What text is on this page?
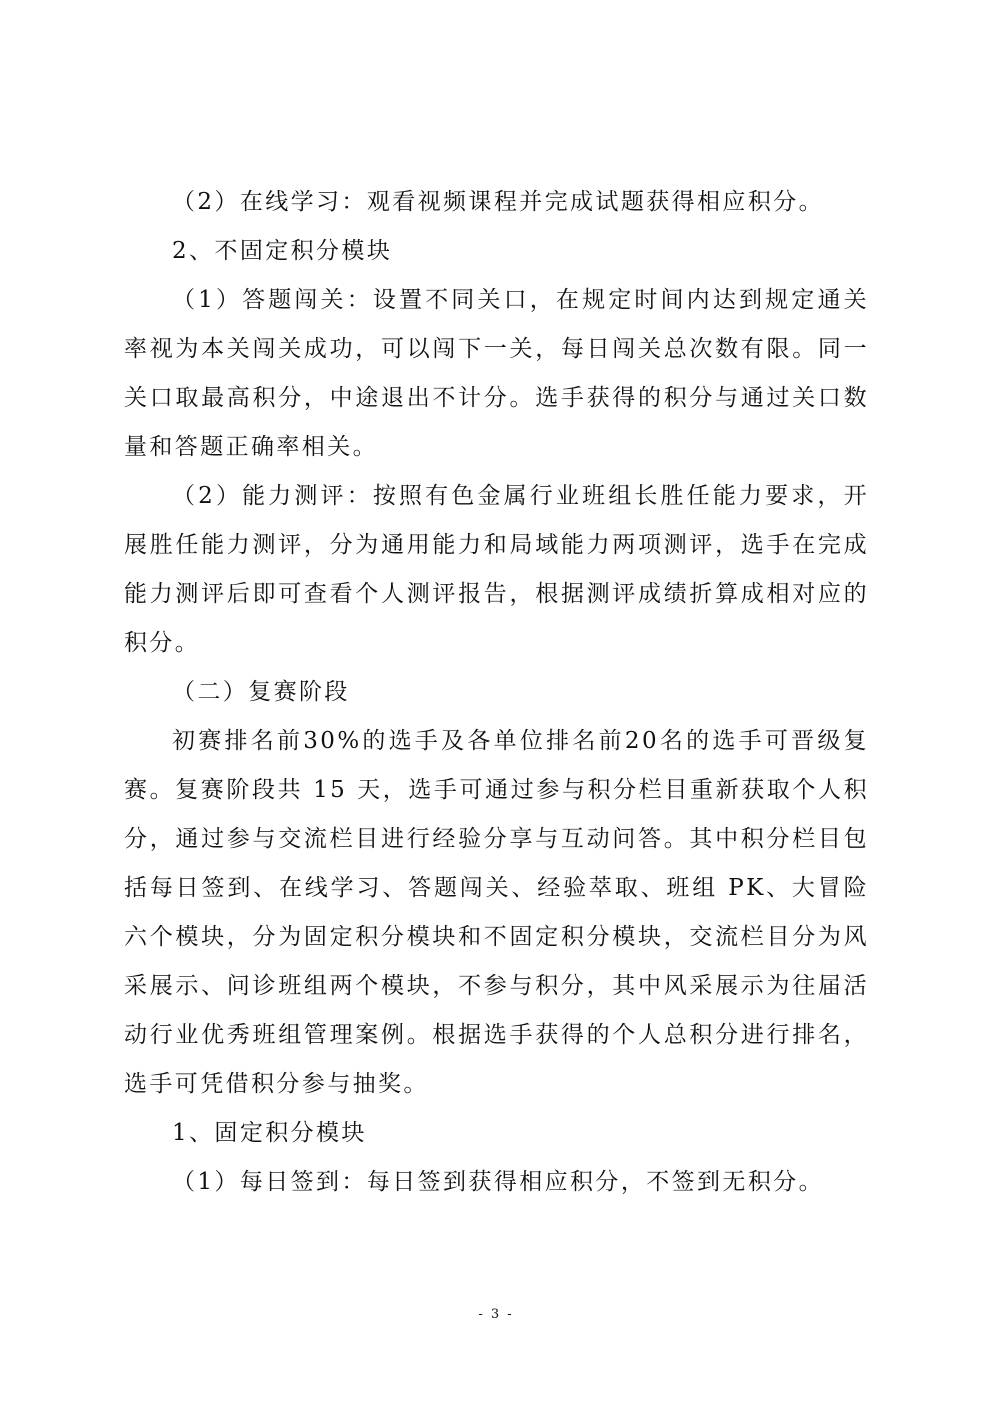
（2）在线学习：观看视频课程并完成试题获得相应积分。

2、不固定积分模块

（1）答题闯关：设置不同关口，在规定时间内达到规定通关率视为本关闯关成功，可以闯下一关，每日闯关总次数有限。同一关口取最高积分，中途退出不计分。选手获得的积分与通过关口数量和答题正确率相关。

（2）能力测评：按照有色金属行业班组长胜任能力要求，开展胜任能力测评，分为通用能力和局域能力两项测评，选手在完成能力测评后即可查看个人测评报告，根据测评成绩折算成相对应的积分。

（二）复赛阶段

初赛排名前30%的选手及各单位排名前20名的选手可晋级复赛。复赛阶段共 15 天，选手可通过参与积分栏目重新获取个人积分，通过参与交流栏目进行经验分享与互动问答。其中积分栏目包括每日签到、在线学习、答题闯关、经验萃取、班组 PK、大冒险六个模块，分为固定积分模块和不固定积分模块，交流栏目分为风采展示、问诊班组两个模块，不参与积分，其中风采展示为往届活动行业优秀班组管理案例。根据选手获得的个人总积分进行排名，选手可凭借积分参与抽奖。

1、固定积分模块

（1）每日签到：每日签到获得相应积分，不签到无积分。

- 3 -
